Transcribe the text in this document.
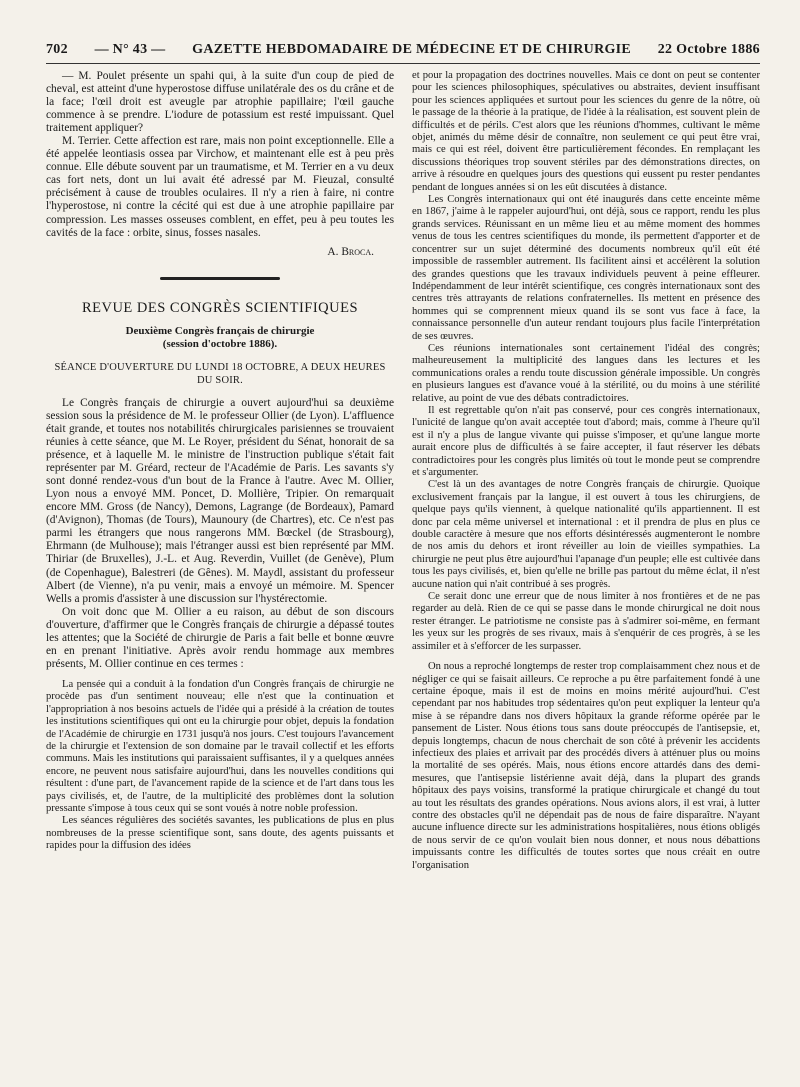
702 — N° 43 — GAZETTE HEBDOMADAIRE DE MÉDECINE ET DE CHIRURGIE 22 Octobre 1886

— M. Poulet présente un spahi qui, à la suite d'un coup de pied de cheval, est atteint d'une hyperostose diffuse unilatérale des os du crâne et de la face; l'œil droit est aveugle par atrophie papillaire; l'œil gauche commence à se prendre. L'iodure de potassium est resté impuissant. Quel traitement appliquer?

M. Terrier. Cette affection est rare, mais non point exceptionnelle. Elle a été appelée leontiasis ossea par Virchow, et maintenant elle est à peu près connue. Elle débute souvent par un traumatisme, et M. Terrier en a vu deux cas fort nets, dont un lui avait été adressé par M. Fieuzal, consulté précisément à cause de troubles oculaires. Il n'y a rien à faire, ni contre l'hyperostose, ni contre la cécité qui est due à une atrophie papillaire par compression. Les masses osseuses comblent, en effet, peu à peu toutes les cavités de la face : orbite, sinus, fosses nasales.

A. Broca.

REVUE DES CONGRÈS SCIENTIFIQUES

Deuxième Congrès français de chirurgie

(session d'octobre 1886).

SÉANCE D'OUVERTURE DU LUNDI 18 OCTOBRE, A DEUX HEURES DU SOIR.

Le Congrès français de chirurgie a ouvert aujourd'hui sa deuxième session sous la présidence de M. le professeur Ollier (de Lyon). L'affluence était grande, et toutes nos notabilités chirurgicales parisiennes se trouvaient réunies à cette séance, que M. Le Royer, président du Sénat, honorait de sa présence, et à laquelle M. le ministre de l'instruction publique s'était fait représenter par M. Gréard, recteur de l'Académie de Paris. Les savants s'y sont donné rendez-vous d'un bout de la France à l'autre. Avec M. Ollier, Lyon nous a envoyé MM. Poncet, D. Mollière, Tripier. On remarquait encore MM. Gross (de Nancy), Demons, Lagrange (de Bordeaux), Pamard (d'Avignon), Thomas (de Tours), Maunoury (de Chartres), etc. Ce n'est pas parmi les étrangers que nous rangerons MM. Bœckel (de Strasbourg), Ehrmann (de Mulhouse); mais l'étranger aussi est bien représenté par MM. Thiriar (de Bruxelles), J.-L. et Aug. Reverdin, Vuillet (de Genève), Plum (de Copenhague), Balestreri (de Gênes). M. Maydl, assistant du professeur Albert (de Vienne), n'a pu venir, mais a envoyé un mémoire. M. Spencer Wells a promis d'assister à une discussion sur l'hystérectomie.

On voit donc que M. Ollier a eu raison, au début de son discours d'ouverture, d'affirmer que le Congrès français de chirurgie a dépassé toutes les attentes; que la Société de chirurgie de Paris a fait belle et bonne œuvre en en prenant l'initiative. Après avoir rendu hommage aux membres présents, M. Ollier continue en ces termes :

La pensée qui a conduit à la fondation d'un Congrès français de chirurgie ne procède pas d'un sentiment nouveau; elle n'est que la continuation et l'appropriation à nos besoins actuels de l'idée qui a présidé à la création de toutes les institutions scientifiques qui ont eu la chirurgie pour objet, depuis la fondation de l'Académie de chirurgie en 1731 jusqu'à nos jours. C'est toujours l'avancement de la chirurgie et l'extension de son domaine par le travail collectif et les efforts communs. Mais les institutions qui paraissaient suffisantes, il y a quelques années encore, ne peuvent nous satisfaire aujourd'hui, dans les nouvelles conditions qui résultent : d'une part, de l'avancement rapide de la science et de l'art dans tous les pays civilisés, et, de l'autre, de la multiplicité des problèmes dont la solution pressante s'impose à tous ceux qui se sont voués à notre noble profession.

Les séances régulières des sociétés savantes, les publications de plus en plus nombreuses de la presse scientifique sont, sans doute, des agents puissants et rapides pour la diffusion des idées

et pour la propagation des doctrines nouvelles. Mais ce dont on peut se contenter pour les sciences philosophiques, spéculatives ou abstraites, devient insuffisant pour les sciences appliquées et surtout pour les sciences du genre de la nôtre, où le passage de la théorie à la pratique, de l'idée à la réalisation, est souvent plein de difficultés et de périls. C'est alors que les réunions d'hommes, cultivant le même objet, animés du même désir de connaître, non seulement ce qui peut être vrai, mais ce qui est réel, doivent être particulièrement fécondes. En remplaçant les discussions théoriques trop souvent stériles par des démonstrations directes, on arrive à résoudre en quelques jours des questions qui eussent pu rester pendantes pendant de longues années si on les eût discutées à distance.

Les Congrès internationaux qui ont été inaugurés dans cette enceinte même en 1867, j'aime à le rappeler aujourd'hui, ont déjà, sous ce rapport, rendu les plus grands services. Réunissant en un même lieu et au même moment des hommes venus de tous les centres scientifiques du monde, ils permettent d'apporter et de concentrer sur un sujet déterminé des documents nombreux qu'il eût été impossible de rassembler autrement. Ils facilitent ainsi et accélèrent la solution des grandes questions que les travaux individuels peuvent à peine effleurer. Indépendamment de leur intérêt scientifique, ces congrès internationaux sont des centres très attrayants de relations confraternelles. Ils mettent en présence des hommes qui se comprennent mieux quand ils se sont vus face à face, la connaissance personnelle d'un auteur rendant toujours plus facile l'interprétation de ses œuvres.

Ces réunions internationales sont certainement l'idéal des congrès; malheureusement la multiplicité des langues dans les lectures et les communications orales a rendu toute discussion générale impossible. Un congrès en plusieurs langues est d'avance voué à la stérilité, ou du moins à une stérilité relative, au point de vue des débats contradictoires.

Il est regrettable qu'on n'ait pas conservé, pour ces congrès internationaux, l'unicité de langue qu'on avait acceptée tout d'abord; mais, comme à l'heure qu'il est il n'y a plus de langue vivante qui puisse s'imposer, et qu'une langue morte aurait encore plus de difficultés à se faire accepter, il faut réserver les débats contradictoires pour les congrès plus limités où tout le monde peut se comprendre et s'argumenter.

C'est là un des avantages de notre Congrès français de chirurgie. Quoique exclusivement français par la langue, il est ouvert à tous les chirurgiens, de quelque pays qu'ils viennent, à quelque nationalité qu'ils appartiennent. Il est donc par cela même universel et international : et il prendra de plus en plus ce double caractère à mesure que nos efforts désintéressés augmenteront le nombre de nos amis du dehors et iront réveiller au loin de vieilles sympathies. La chirurgie ne peut plus être aujourd'hui l'apanage d'un peuple; elle est cultivée dans tous les pays civilisés, et, bien qu'elle ne brille pas partout du même éclat, il n'est aucune nation qui n'ait contribué à ses progrès.

Ce serait donc une erreur que de nous limiter à nos frontières et de ne pas regarder au delà. Rien de ce qui se passe dans le monde chirurgical ne doit nous rester étranger. Le patriotisme ne consiste pas à s'admirer soi-même, en fermant les yeux sur les progrès de ses rivaux, mais à s'enquérir de ces progrès, à se les assimiler et à s'efforcer de les surpasser.

On nous a reproché longtemps de rester trop complaisamment chez nous et de négliger ce qui se faisait ailleurs. Ce reproche a pu être parfaitement fondé à une certaine époque, mais il est de moins en moins mérité aujourd'hui. C'est cependant par nos habitudes trop sédentaires qu'on peut expliquer la lenteur qu'a mise à se répandre dans nos divers hôpitaux la grande réforme opérée par le pansement de Lister. Nous étions tous sans doute préoccupés de l'antisepsie, et, depuis longtemps, chacun de nous cherchait de son côté à prévenir les accidents infectieux des plaies et arrivait par des procédés divers à atténuer plus ou moins la mortalité de ses opérés. Mais, nous étions encore attardés dans des demi-mesures, que l'antisepsie listérienne avait déjà, dans la plupart des grands hôpitaux des pays voisins, transformé la pratique chirurgicale et changé du tout au tout les résultats des grandes opérations. Nous avions alors, il est vrai, à lutter contre des obstacles qu'il ne dépendait pas de nous de faire disparaître. N'ayant aucune influence directe sur les administrations hospitalières, nous étions obligés de nous servir de ce qu'on voulait bien nous donner, et nous nous débattions impuissants contre les difficultés de toutes sortes que nous créait en outre l'organisation
